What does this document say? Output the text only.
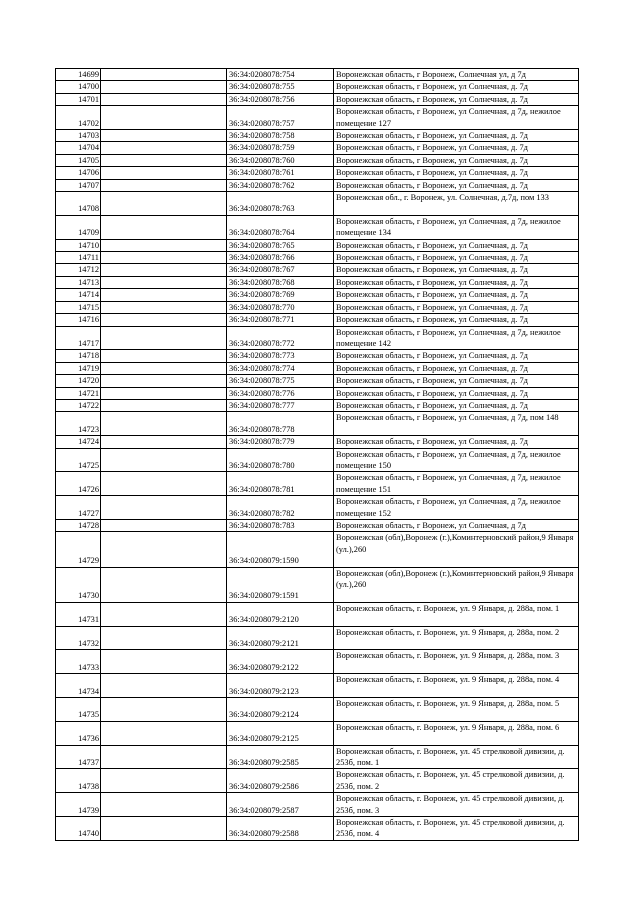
14699		36:34:0208078:754	Воронежская область, г Воронеж, Солнечная ул, д 7д
14700		36:34:0208078:755	Воронежская область, г Воронеж, ул Солнечная, д. 7д
14701		36:34:0208078:756	Воронежская область, г Воронеж, ул Солнечная, д. 7д
14702		36:34:0208078:757	Воронежская область, г Воронеж, ул Солнечная, д 7д, нежилое помещение 127
14703		36:34:0208078:758	Воронежская область, г Воронеж, ул Солнечная, д. 7д
14704		36:34:0208078:759	Воронежская область, г Воронеж, ул Солнечная, д. 7д
14705		36:34:0208078:760	Воронежская область, г Воронеж, ул Солнечная, д. 7д
14706		36:34:0208078:761	Воронежская область, г Воронеж, ул Солнечная, д. 7д
14707		36:34:0208078:762	Воронежская область, г Воронеж, ул Солнечная, д. 7д
14708		36:34:0208078:763	Воронежская обл., г. Воронеж, ул. Солнечная, д.7д, пом 133
14709		36:34:0208078:764	Воронежская область, г Воронеж, ул Солнечная, д 7д, нежилое помещение 134
14710		36:34:0208078:765	Воронежская область, г Воронеж, ул Солнечная, д. 7д
14711		36:34:0208078:766	Воронежская область, г Воронеж, ул Солнечная, д. 7д
14712		36:34:0208078:767	Воронежская область, г Воронеж, ул Солнечная, д. 7д
14713		36:34:0208078:768	Воронежская область, г Воронеж, ул Солнечная, д. 7д
14714		36:34:0208078:769	Воронежская область, г Воронеж, ул Солнечная, д. 7д
14715		36:34:0208078:770	Воронежская область, г Воронеж, ул Солнечная, д. 7д
14716		36:34:0208078:771	Воронежская область, г Воронеж, ул Солнечная, д. 7д
14717		36:34:0208078:772	Воронежская область, г Воронеж, ул Солнечная, д 7д, нежилое помещение 142
14718		36:34:0208078:773	Воронежская область, г Воронеж, ул Солнечная, д. 7д
14719		36:34:0208078:774	Воронежская область, г Воронеж, ул Солнечная, д. 7д
14720		36:34:0208078:775	Воронежская область, г Воронеж, ул Солнечная, д. 7д
14721		36:34:0208078:776	Воронежская область, г Воронеж, ул Солнечная, д. 7д
14722		36:34:0208078:777	Воронежская область, г Воронеж, ул Солнечная, д. 7д
14723		36:34:0208078:778	Воронежская область, г Воронеж, ул Солнечная, д 7д, пом 148
14724		36:34:0208078:779	Воронежская область, г Воронеж, ул Солнечная, д. 7д
14725		36:34:0208078:780	Воронежская область, г Воронеж, ул Солнечная, д 7д, нежилое помещение 150
14726		36:34:0208078:781	Воронежская область, г Воронеж, ул Солнечная, д 7д, нежилое помещение 151
14727		36:34:0208078:782	Воронежская область, г Воронеж, ул Солнечная, д 7д, нежилое помещение 152
14728		36:34:0208078:783	Воронежская область, г Воронеж, ул Солнечная, д 7д
14729		36:34:0208079:1590	Воронежская (обл),Воронеж (г.),Коминтерновский район,9 Января (ул.),260
14730		36:34:0208079:1591	Воронежская (обл),Воронеж (г.),Коминтерновский район,9 Января (ул.),260
14731		36:34:0208079:2120	Воронежская область, г. Воронеж, ул. 9 Января, д. 288а, пом. 1
14732		36:34:0208079:2121	Воронежская область, г. Воронеж, ул. 9 Января, д. 288а, пом. 2
14733		36:34:0208079:2122	Воронежская область, г. Воронеж, ул. 9 Января, д. 288а, пом. 3
14734		36:34:0208079:2123	Воронежская область, г. Воронеж, ул. 9 Января, д. 288а, пом. 4
14735		36:34:0208079:2124	Воронежская область, г. Воронеж, ул. 9 Января, д. 288а, пом. 5
14736		36:34:0208079:2125	Воронежская область, г. Воронеж, ул. 9 Января, д. 288а, пом. 6
14737		36:34:0208079:2585	Воронежская область, г. Воронеж, ул. 45 стрелковой дивизии, д. 253б, пом. 1
14738		36:34:0208079:2586	Воронежская область, г. Воронеж, ул. 45 стрелковой дивизии, д. 253б, пом. 2
14739		36:34:0208079:2587	Воронежская область, г. Воронеж, ул. 45 стрелковой дивизии, д. 253б, пом. 3
14740		36:34:0208079:2588	Воронежская область, г. Воронеж, ул. 45 стрелковой дивизии, д. 253б, пом. 4
